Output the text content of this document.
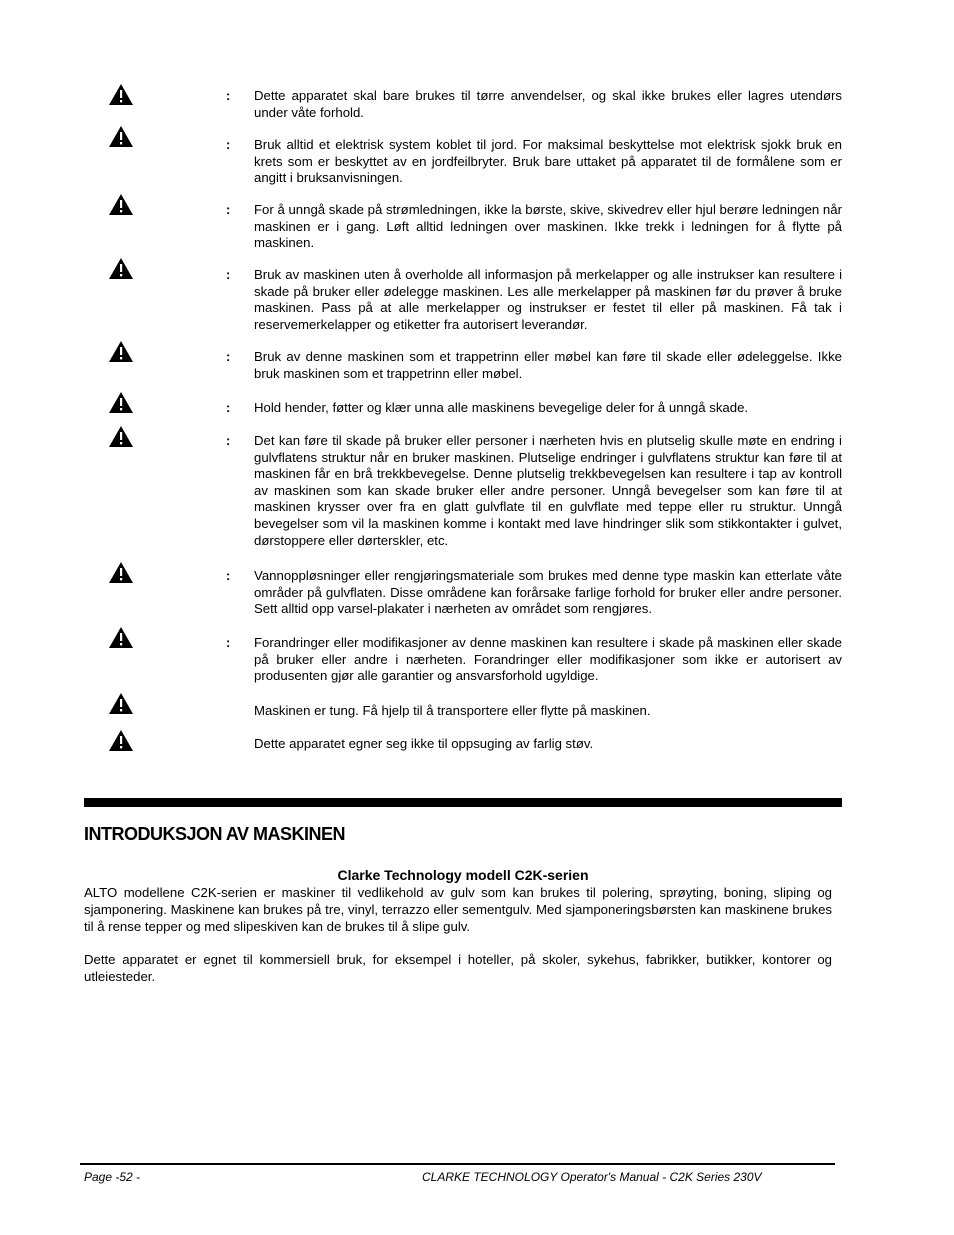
: Dette apparatet skal bare brukes til tørre anvendelser, og skal ikke brukes eller lagres utendørs under våte forhold.

: Bruk alltid et elektrisk system koblet til jord. For maksimal beskyttelse mot elektrisk sjokk bruk en krets som er beskyttet av en jordfeilbryter. Bruk bare uttaket på apparatet til de formålene som er angitt i bruksanvisningen.

: For å unngå skade på strømledningen, ikke la børste, skive, skivedrev eller hjul berøre ledningen når maskinen er i gang. Løft alltid ledningen over maskinen. Ikke trekk i ledningen for å flytte på maskinen.

: Bruk av maskinen uten å overholde all informasjon på merkelapper og alle instrukser kan resultere i skade på bruker eller ødelegge maskinen. Les alle merkelapper på maskinen før du prøver å bruke maskinen. Pass på at alle merkelapper og instrukser er festet til eller på maskinen. Få tak i reservemerkelapper og etiketter fra autorisert leverandør.

: Bruk av denne maskinen som et trappetrinn eller møbel kan føre til skade eller ødeleggelse. Ikke bruk maskinen som et trappetrinn eller møbel.

: Hold hender, føtter og klær unna alle maskinens bevegelige deler for å unngå skade.

: Det kan føre til skade på bruker eller personer i nærheten hvis en plutselig skulle møte en endring i gulvflatens struktur når en bruker maskinen. Plutselige endringer i gulvflatens struktur kan føre til at maskinen får en brå trekkbevegelse. Denne plutselig trekkbevegelsen kan resultere i tap av kontroll av maskinen som kan skade bruker eller andre personer. Unngå bevegelser som kan føre til at maskinen krysser over fra en glatt gulvflate til en gulvflate med teppe eller ru struktur. Unngå bevegelser som vil la maskinen komme i kontakt med lave hindringer slik som stikkontakter i gulvet, dørstoppere eller dørterskler, etc.

: Vannoppløsninger eller rengjøringsmateriale som brukes med denne type maskin kan etterlate våte områder på gulvflaten. Disse områdene kan forårsake farlige forhold for bruker eller andre personer. Sett alltid opp varsel-plakater i nærheten av området som rengjøres.

: Forandringer eller modifikasjoner av denne maskinen kan resultere i skade på maskinen eller skade på bruker eller andre i nærheten. Forandringer eller modifikasjoner som ikke er autorisert av produsenten gjør alle garantier og ansvarsforhold ugyldige.

Maskinen er tung. Få hjelp til å transportere eller flytte på maskinen.

Dette apparatet egner seg ikke til oppsuging av farlig støv.

INTRODUKSJON AV MASKINEN

Clarke Technology modell C2K-serien

ALTO modellene C2K-serien er maskiner til vedlikehold av gulv som kan brukes til polering, sprøyting, boning, sliping og sjamponering. Maskinene kan brukes på tre, vinyl, terrazzo eller sementgulv. Med sjamponeringsbørsten kan maskinene brukes til å rense tepper og med slipeskiven kan de brukes til å slipe gulv.

Dette apparatet er egnet til kommersiell bruk, for eksempel i hoteller, på skoler, sykehus, fabrikker, butikker, kontorer og utleiesteder.

Page -52 -	CLARKE TECHNOLOGY Operator's Manual - C2K Series 230V
